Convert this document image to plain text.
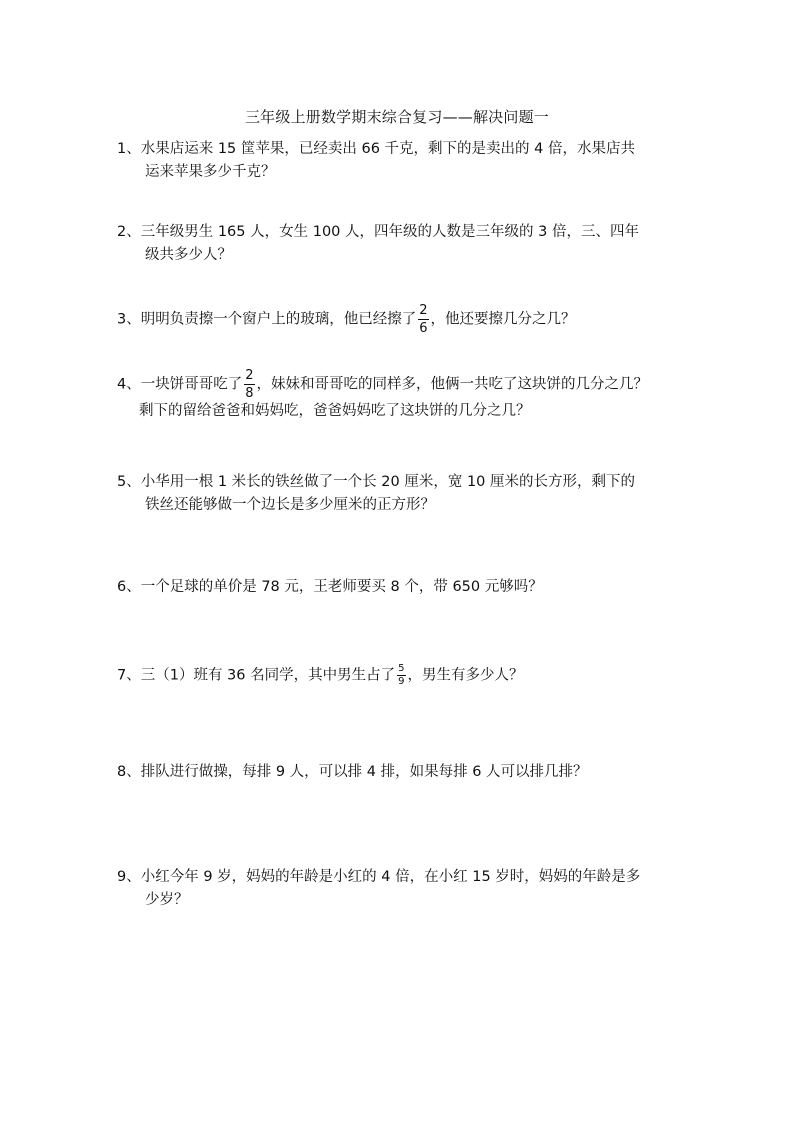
三年级上册数学期末综合复习——解决问题一
1、水果店运来 15 筐苹果，已经卖出 66 千克，剩下的是卖出的 4 倍，水果店共
运来苹果多少千克？
2、三年级男生 165 人，女生 100 人，四年级的人数是三年级的 3 倍，三、四年
级共多少人？
3、明明负责擦一个窗户上的玻璃，他已经擦了 $\frac{2}{6}$ ，他还要擦几分之几？
4、一块饼哥哥吃了 $\frac{2}{8}$ ，妹妹和哥哥吃的同样多，他俩一共吃了这块饼的几分之几？
剩下的留给爸爸和妈妈吃，爸爸妈妈吃了这块饼的几分之几？
5、小华用一根 1 米长的铁丝做了一个长 20 厘米，宽 10 厘米的长方形，剩下的
铁丝还能够做一个边长是多少厘米的正方形？
6、一个足球的单价是 78 元，王老师要买 8 个，带 650 元够吗？
7、三（1）班有 36 名同学，其中男生占了 $\frac{5}{9}$ ，男生有多少人？
8、排队进行做操，每排 9 人，可以排 4 排，如果每排 6 人可以排几排？
9、小红今年 9 岁，妈妈的年龄是小红的 4 倍，在小红 15 岁时，妈妈的年龄是多
少岁？
